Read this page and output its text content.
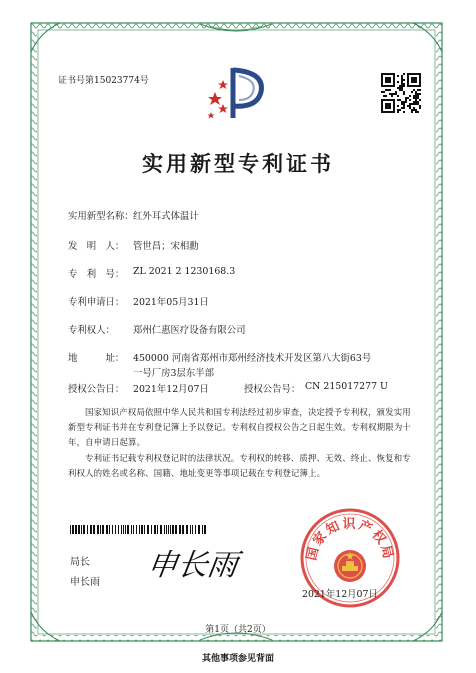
证书号第15023774号
实用新型专利证书
实用新型名称： 红外耳式体温计
发　明　人： 管世昌；宋相勳
专　利　号： ZL 2021 2 1230168.3
专利申请日： 2021年05月31日
专利权人： 郑州仁惠医疗设备有限公司
地　　　址： 450000 河南省郑州市郑州经济技术开发区第八大街63号
一号厂房3层东半部
授权公告日： 2021年12月07日	授权公告号： CN 215017277 U
国家知识产权局依照中华人民共和国专利法经过初步审查，决定授予专利权，颁发实用新型专利证书并在专利登记簿上予以登记。专利权自授权公告之日起生效。专利权期限为十年，自申请日起算。
专利证书记载专利权登记时的法律状况。专利权的转移、质押、无效、终止、恢复和专利权人的姓名或名称、国籍、地址变更等事项记载在专利登记簿上。
局长
申长雨 申长雨	国家知识产权局
2021年12月07日
第1页（共2页）
其他事项参见背面
